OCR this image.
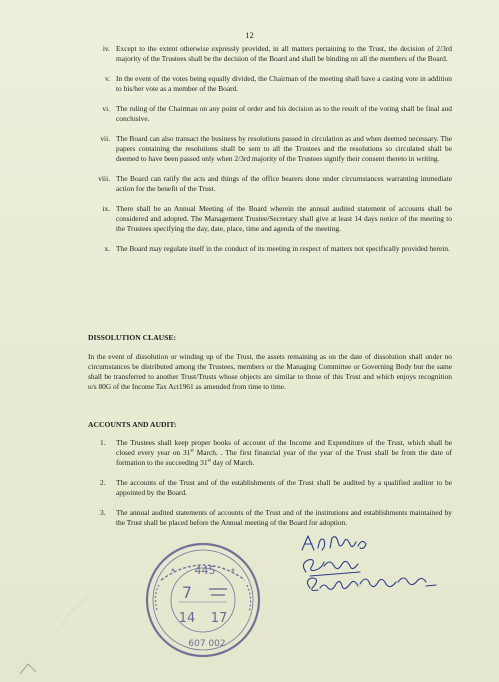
12
iv. Except to the extent otherwise expressly provided, in all matters pertaining to the Trust, the decision of 2/3rd majority of the Trustees shall be the decision of the Board and shall be binding on all the members of the Board.
v. In the event of the votes being equally divided, the Chairman of the meeting shall have a casting vote in addition to his/her vote as a member of the Board.
vi. The ruling of the Chairman on any point of order and his decision as to the result of the voting shall be final and conclusive.
vii. The Board can also transact the business by resolutions passed in circulation as and when deemed necessary. The papers containing the resolutions shall be sent to all the Trustees and the resolutions so circulated shall be deemed to have been passed only when 2/3rd majority of the Trustees signify their consent thereto in writing.
viii. The Board can ratify the acts and things of the office bearers done under circumstances warranting immediate action for the benefit of the Trust.
ix. There shall be an Annual Meeting of the Board wherein the annual audited statement of accounts shall be considered and adopted. The Management Trustee/Secretary shall give at least 14 days notice of the meeting to the Trustees specifying the day, date, place, time and agenda of the meeting.
x. The Board may regulate itself in the conduct of its meeting in respect of matters not specifically provided herein.
DISSOLUTION CLAUSE:
In the event of dissolution or winding up of the Trust, the assets remaining as on the date of dissolution shall under no circumstances be distributed among the Trustees, members or the Managing Committee or Governing Body but the same shall be transferred to another Trust/Trusts whose objects are similar to those of this Trust and which enjoys recognition u/s 80G of the Income Tax Act1961 as amended from time to time.
ACCOUNTS AND AUDIT:
1. The Trustees shall keep proper books of account of the Income and Expenditure of the Trust, which shall be closed every year on 31st March. . The first financial year of the year of the Trust shall be from the date of formation to the succeeding 31st day of March.
2. The accounts of the Trust and of the establishments of the Trust shall be audited by a qualified auditor to be appointed by the Board.
3. The annual audited statements of accounts of the Trust and of the institutions and establishments maintained by the Trust shall be placed before the Annual meeting of the Board for adoption.
445
7
14 17
607 002
